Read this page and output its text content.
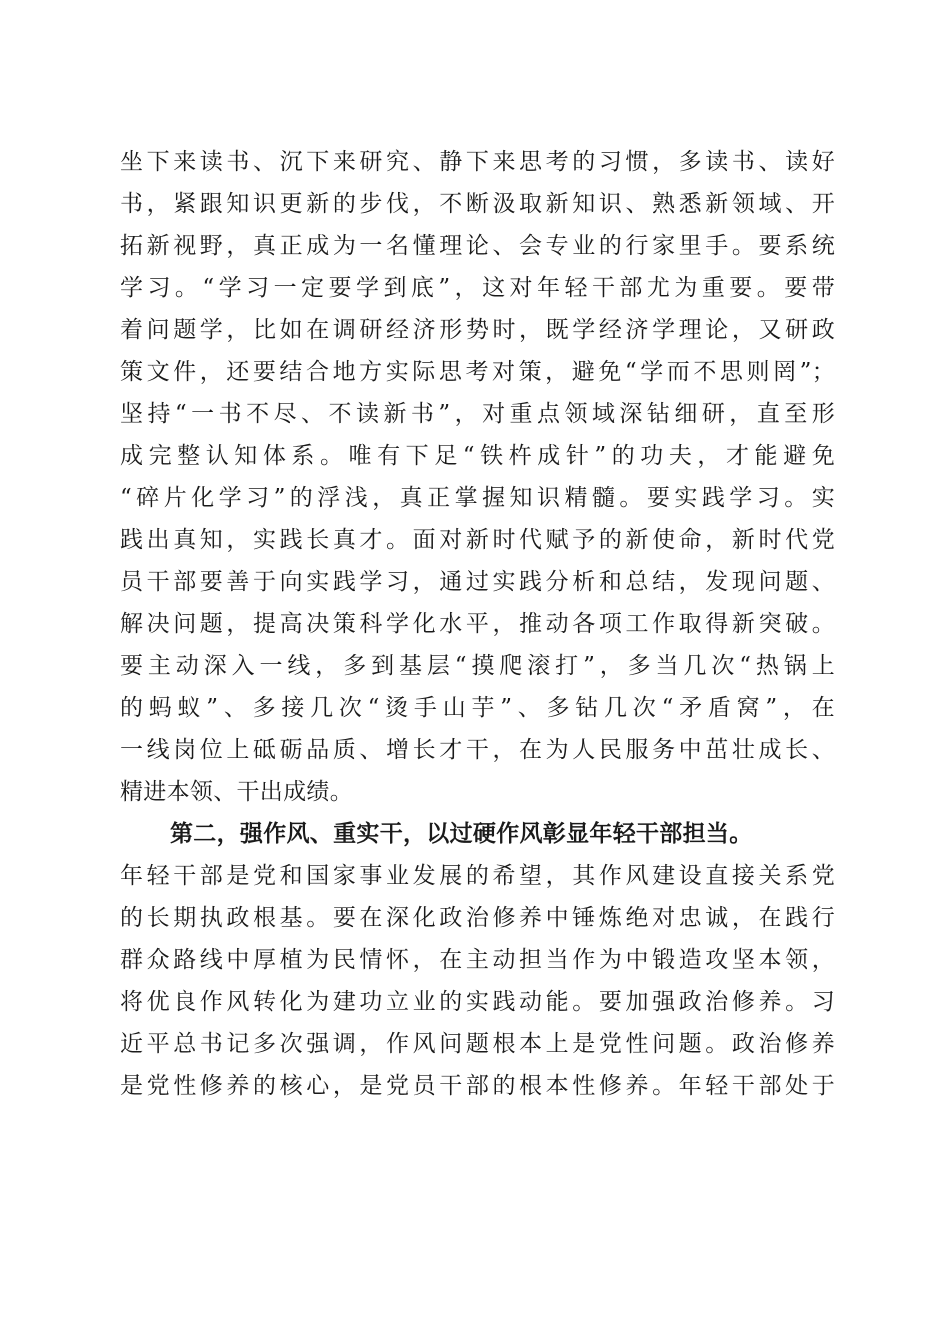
坐下来读书、沉下来研究、静下来思考的习惯，多读书、读好
书，紧跟知识更新的步伐，不断汲取新知识、熟悉新领域、开
拓新视野，真正成为一名懂理论、会专业的行家里手。要系统
学习。“学习一定要学到底”，这对年轻干部尤为重要。要带
着问题学，比如在调研经济形势时，既学经济学理论，又研政
策文件，还要结合地方实际思考对策，避免“学而不思则罔”；
坚持“一书不尽、不读新书”，对重点领域深钻细研，直至形
成完整认知体系。唯有下足“铁杵成针”的功夫，才能避免
“碎片化学习”的浮浅，真正掌握知识精髓。要实践学习。实
践出真知，实践长真才。面对新时代赋予的新使命，新时代党
员干部要善于向实践学习，通过实践分析和总结，发现问题、
解决问题，提高决策科学化水平，推动各项工作取得新突破。
要主动深入一线，多到基层“摸爬滚打”，多当几次“热锅上
的蚂蚁”、多接几次“烫手山芋”、多钻几次“矛盾窝”，在
一线岗位上砥砺品质、增长才干，在为人民服务中茁壮成长、
精进本领、干出成绩。
第二，强作风、重实干，以过硬作风彰显年轻干部担当。
年轻干部是党和国家事业发展的希望，其作风建设直接关系党
的长期执政根基。要在深化政治修养中锤炼绝对忠诚，在践行
群众路线中厚植为民情怀，在主动担当作为中锻造攻坚本领，
将优良作风转化为建功立业的实践动能。要加强政治修养。习
近平总书记多次强调，作风问题根本上是党性问题。政治修养
是党性修养的核心，是党员干部的根本性修养。年轻干部处于
